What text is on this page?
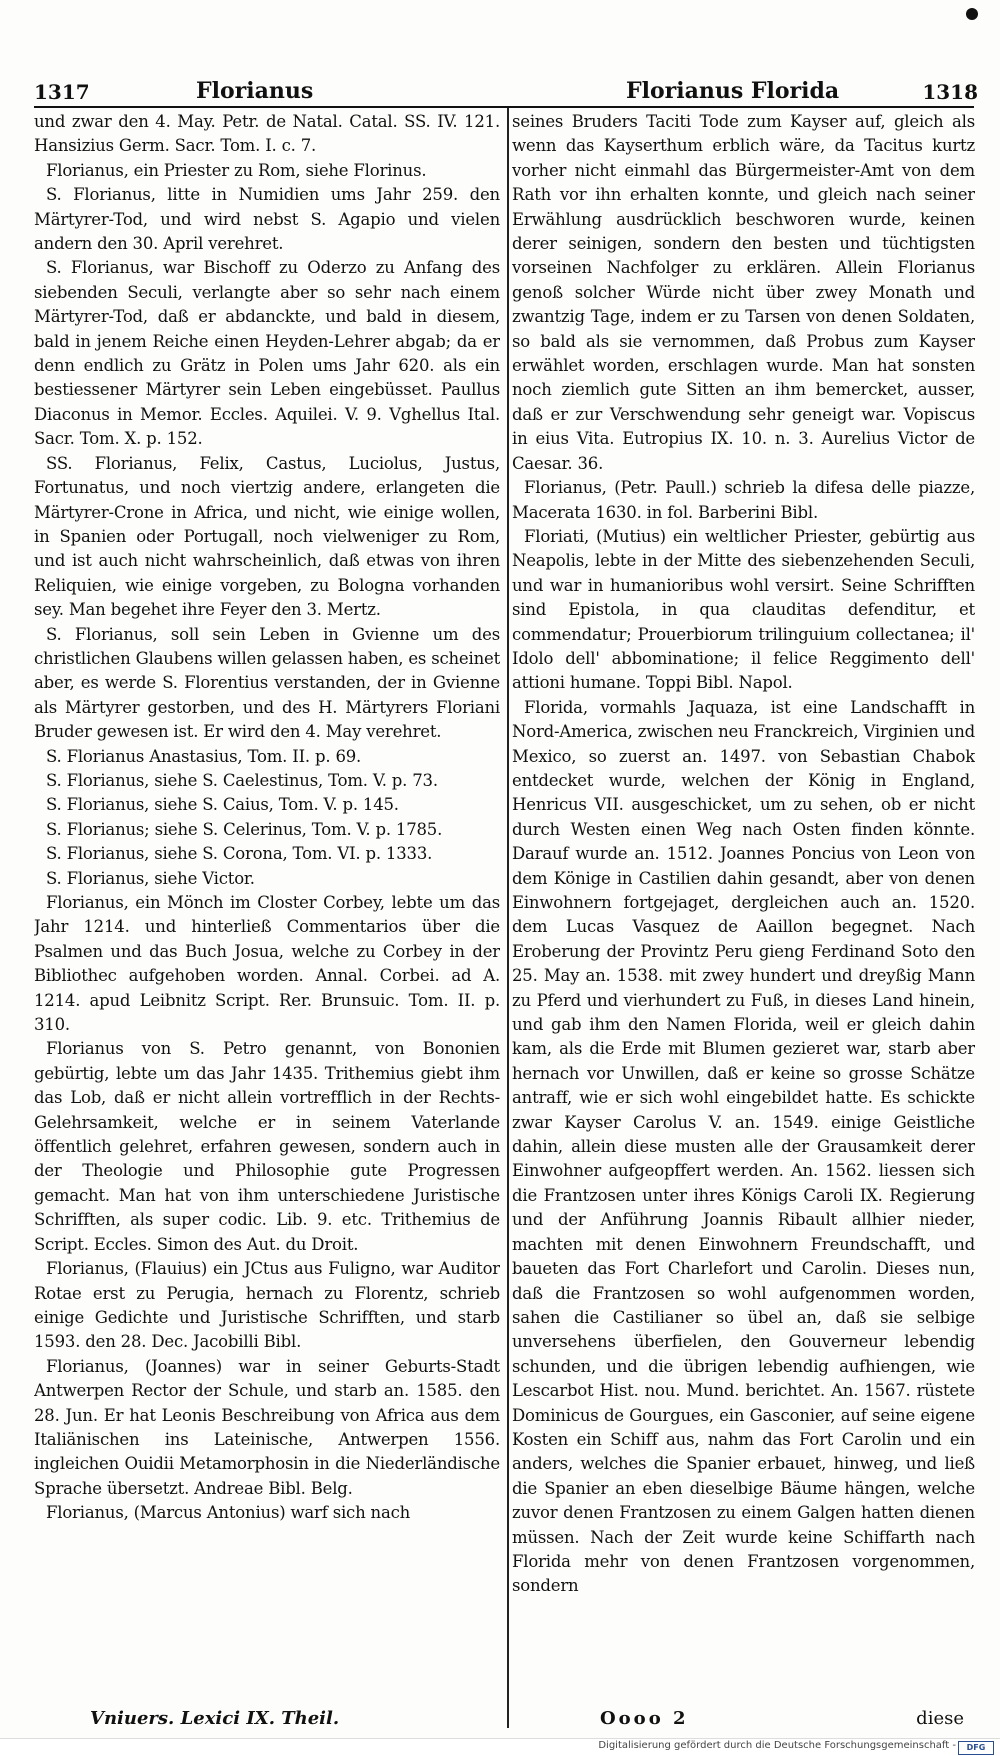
1317	Florianus	Florianus Florida	1318

und zwar den 4. May. Petr. de Natal. Catal. SS. IV. 121. Hansizius Germ. Sacr. Tom. I. c. 7.

Florianus, ein Priester zu Rom, siehe Florinus.

S. Florianus, litte in Numidien ums Jahr 259. den Märtyrer-Tod, und wird nebst S. Agapio und vielen andern den 30. April verehret.

S. Florianus, war Bischoff zu Oderzo zu Anfang des siebenden Seculi, verlangte aber so sehr nach einem Märtyrer-Tod, daß er abdanckte, und bald in diesem, bald in jenem Reiche einen Heyden-Lehrer abgab; da er denn endlich zu Grätz in Polen ums Jahr 620. als ein bestiessener Märtyrer sein Leben eingebüsset. Paullus Diaconus in Memor. Eccles. Aquilei. V. 9. Vghellus Ital. Sacr. Tom. X. p. 152.

SS. Florianus, Felix, Castus, Luciolus, Justus, Fortunatus, und noch viertzig andere, erlangeten die Märtyrer-Crone in Africa, und nicht, wie einige wollen, in Spanien oder Portugall, noch vielweniger zu Rom, und ist auch nicht wahrscheinlich, daß etwas von ihren Reliquien, wie einige vorgeben, zu Bologna vorhanden sey. Man begehet ihre Feyer den 3. Mertz.

S. Florianus, soll sein Leben in Gvienne um des christlichen Glaubens willen gelassen haben, es scheinet aber, es werde S. Florentius verstanden, der in Gvienne als Märtyrer gestorben, und des H. Märtyrers Floriani Bruder gewesen ist. Er wird den 4. May verehret.

S. Florianus Anastasius, Tom. II. p. 69.

S. Florianus, siehe S. Caelestinus, Tom. V. p. 73.

S. Florianus, siehe S. Caius, Tom. V. p. 145.

S. Florianus; siehe S. Celerinus, Tom. V. p. 1785.

S. Florianus, siehe S. Corona, Tom. VI. p. 1333.

S. Florianus, siehe Victor.

Florianus, ein Mönch im Closter Corbey, lebte um das Jahr 1214. und hinterließ Commentarios über die Psalmen und das Buch Josua, welche zu Corbey in der Bibliothec aufgehoben worden. Annal. Corbei. ad A. 1214. apud Leibnitz Script. Rer. Brunsuic. Tom. II. p. 310.

Florianus von S. Petro genannt, von Bononien gebürtig, lebte um das Jahr 1435. Trithemius giebt ihm das Lob, daß er nicht allein vortrefflich in der Rechts-Gelehrsamkeit, welche er in seinem Vaterlande öffentlich gelehret, erfahren gewesen, sondern auch in der Theologie und Philosophie gute Progressen gemacht. Man hat von ihm unterschiedene Juristische Schrifften, als super codic. Lib. 9. etc. Trithemius de Script. Eccles. Simon des Aut. du Droit.

Florianus, (Flauius) ein JCtus aus Fuligno, war Auditor Rotae erst zu Perugia, hernach zu Florentz, schrieb einige Gedichte und Juristische Schrifften, und starb 1593. den 28. Dec. Jacobilli Bibl.

Florianus, (Joannes) war in seiner Geburts-Stadt Antwerpen Rector der Schule, und starb an. 1585. den 28. Jun. Er hat Leonis Beschreibung von Africa aus dem Italiänischen ins Lateinische, Antwerpen 1556. ingleichen Ouidii Metamorphosin in die Niederländische Sprache übersetzt. Andreae Bibl. Belg.

Florianus, (Marcus Antonius) warf sich nach

seines Bruders Taciti Tode zum Kayser auf, gleich als wenn das Kayserthum erblich wäre, da Tacitus kurtz vorher nicht einmahl das Bürgermeister-Amt von dem Rath vor ihn erhalten konnte, und gleich nach seiner Erwählung ausdrücklich beschworen wurde, keinen derer seinigen, sondern den besten und tüchtigsten vorseinen Nachfolger zu erklären. Allein Florianus genoß solcher Würde nicht über zwey Monath und zwantzig Tage, indem er zu Tarsen von denen Soldaten, so bald als sie vernommen, daß Probus zum Kayser erwählet worden, erschlagen wurde. Man hat sonsten noch ziemlich gute Sitten an ihm bemercket, ausser, daß er zur Verschwendung sehr geneigt war. Vopiscus in eius Vita. Eutropius IX. 10. n. 3. Aurelius Victor de Caesar. 36.

Florianus, (Petr. Paull.) schrieb la difesa delle piazze, Macerata 1630. in fol. Barberini Bibl.

Floriati, (Mutius) ein weltlicher Priester, gebürtig aus Neapolis, lebte in der Mitte des siebenzehenden Seculi, und war in humanioribus wohl versirt. Seine Schrifften sind Epistola, in qua clauditas defenditur, et commendatur; Prouerbiorum trilinguium collectanea; il' Idolo dell' abbominatione; il felice Reggimento dell' attioni humane. Toppi Bibl. Napol.

Florida, vormahls Jaquaza, ist eine Landschafft in Nord-America, zwischen neu Franckreich, Virginien und Mexico, so zuerst an. 1497. von Sebastian Chabok entdecket wurde, welchen der König in England, Henricus VII. ausgeschicket, um zu sehen, ob er nicht durch Westen einen Weg nach Osten finden könnte. Darauf wurde an. 1512. Joannes Poncius von Leon von dem Könige in Castilien dahin gesandt, aber von denen Einwohnern fortgejaget, dergleichen auch an. 1520. dem Lucas Vasquez de Aaillon begegnet. Nach Eroberung der Provintz Peru gieng Ferdinand Soto den 25. May an. 1538. mit zwey hundert und dreyßig Mann zu Pferd und vierhundert zu Fuß, in dieses Land hinein, und gab ihm den Namen Florida, weil er gleich dahin kam, als die Erde mit Blumen gezieret war, starb aber hernach vor Unwillen, daß er keine so grosse Schätze antraff, wie er sich wohl eingebildet hatte. Es schickte zwar Kayser Carolus V. an. 1549. einige Geistliche dahin, allein diese musten alle der Grausamkeit derer Einwohner aufgeopffert werden. An. 1562. liessen sich die Frantzosen unter ihres Königs Caroli IX. Regierung und der Anführung Joannis Ribault allhier nieder, machten mit denen Einwohnern Freundschafft, und baueten das Fort Charlefort und Carolin. Dieses nun, daß die Frantzosen so wohl aufgenommen worden, sahen die Castilianer so übel an, daß sie selbige unversehens überfielen, den Gouverneur lebendig schunden, und die übrigen lebendig aufhiengen, wie Lescarbot Hist. nou. Mund. berichtet. An. 1567. rüstete Dominicus de Gourgues, ein Gasconier, auf seine eigene Kosten ein Schiff aus, nahm das Fort Carolin und ein anders, welches die Spanier erbauet, hinweg, und ließ die Spanier an eben dieselbige Bäume hängen, welche zuvor denen Frantzosen zu einem Galgen hatten dienen müssen. Nach der Zeit wurde keine Schiffarth nach Florida mehr von denen Frantzosen vorgenommen, sondern

Vniuers. Lexici IX. Theil.	Oooo 2	diese
Digitalisierung gefördert durch die Deutsche Forschungsgemeinschaft -	DFG
